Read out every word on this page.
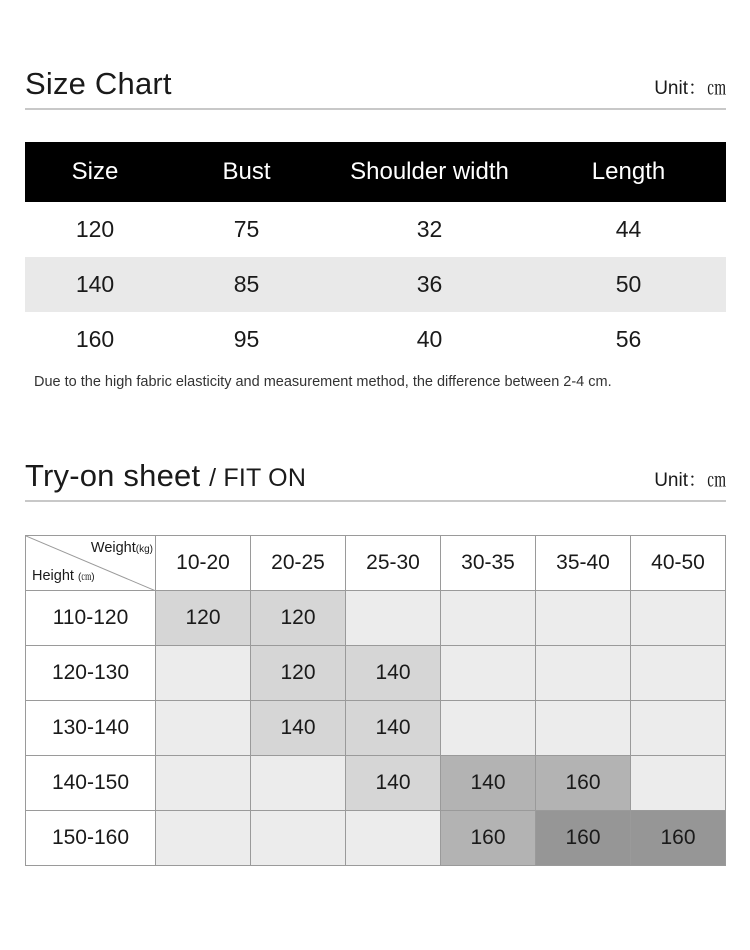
Size Chart	Unit：㎝
Size	Bust	Shoulder width	Length
120	75	32	44
140	85	36	50
160	95	40	56
Due to the high fabric elasticity and measurement method, the difference between 2-4 cm.
Try-on sheet / FIT ON	Unit：㎝
Weight(kg)
Height (㎝)	10-20	20-25	25-30	30-35	35-40	40-50
110-120	120	120				
120-130		120	140			
130-140		140	140			
140-150			140	140	160	
150-160				160	160	160
